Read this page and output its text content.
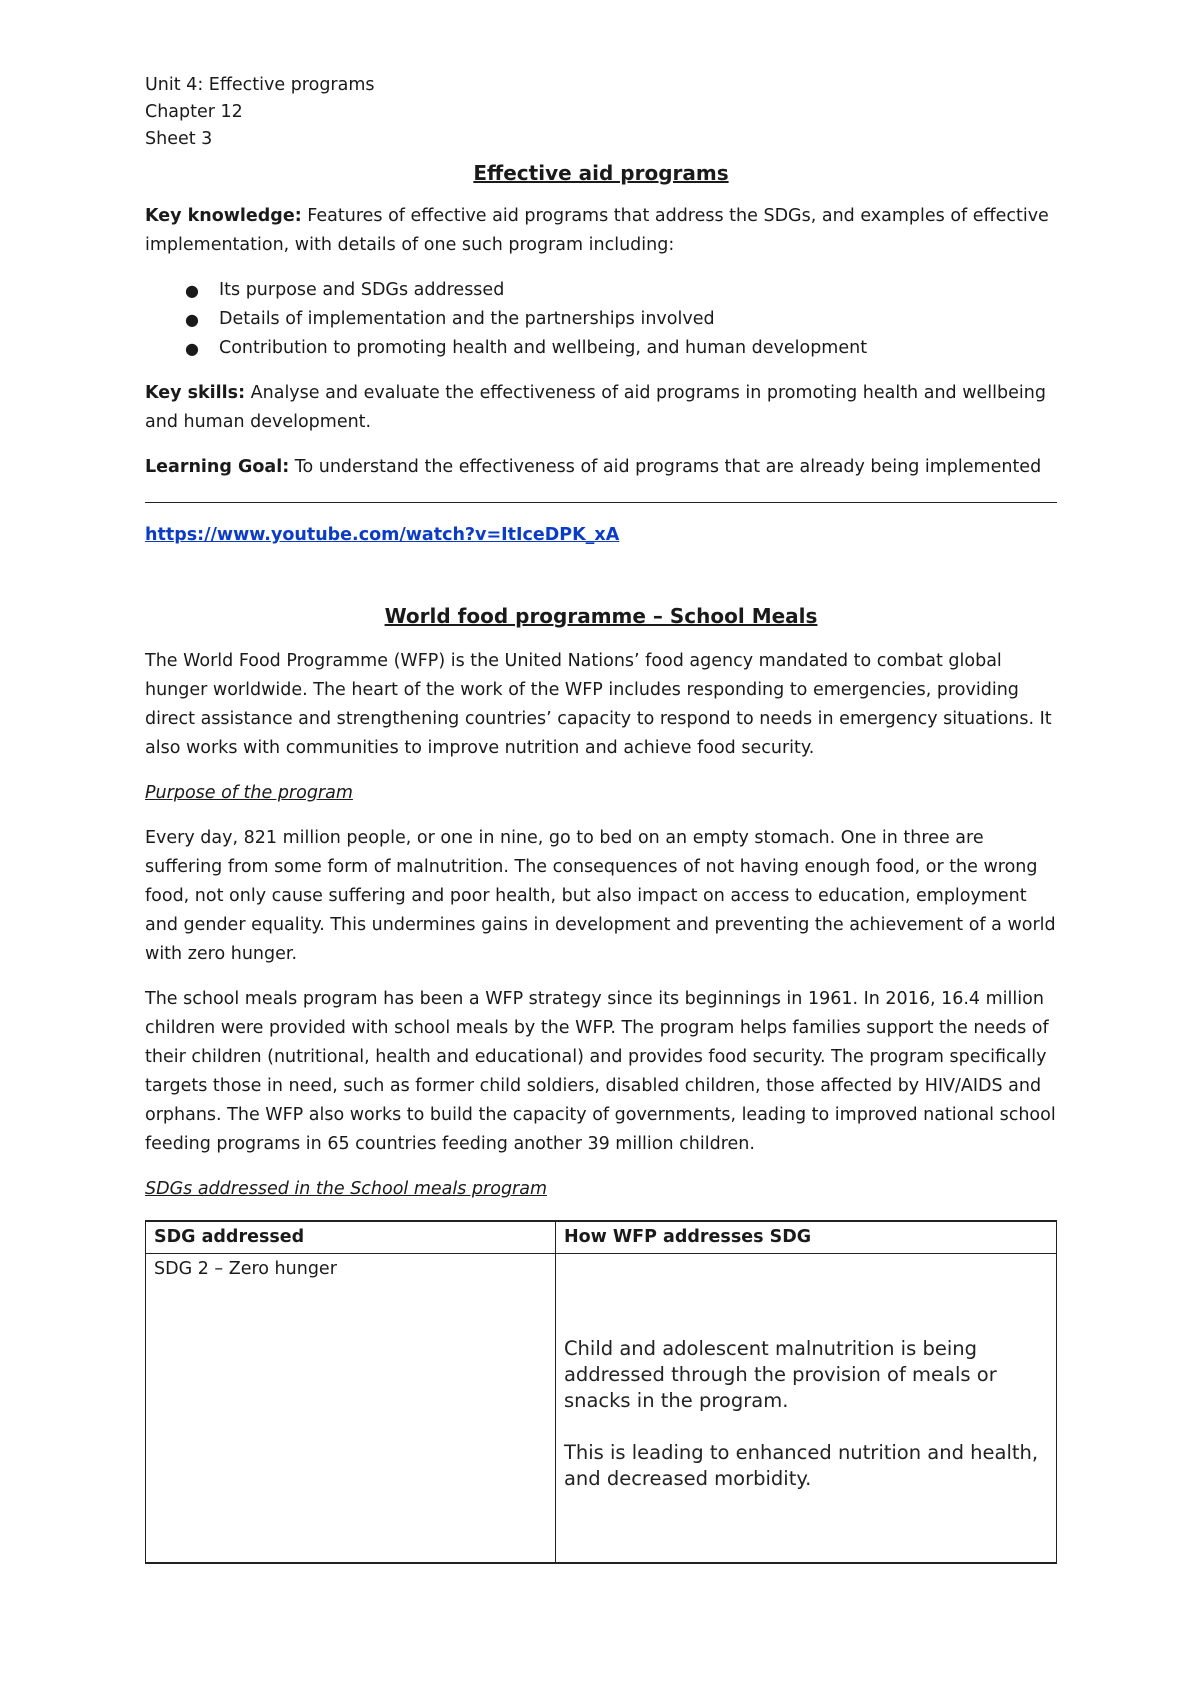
Unit 4: Effective programs

Chapter 12

Sheet 3

Effective aid programs

Key knowledge: Features of effective aid programs that address the SDGs, and examples of effective implementation, with details of one such program including:

● Its purpose and SDGs addressed
● Details of implementation and the partnerships involved
● Contribution to promoting health and wellbeing, and human development

Key skills: Analyse and evaluate the effectiveness of aid programs in promoting health and wellbeing and human development.

Learning Goal: To understand the effectiveness of aid programs that are already being implemented

https://www.youtube.com/watch?v=ItIceDPK_xA
World food programme – School Meals

The World Food Programme (WFP) is the United Nations’ food agency mandated to combat global hunger worldwide. The heart of the work of the WFP includes responding to emergencies, providing direct assistance and strengthening countries’ capacity to respond to needs in emergency situations. It also works with communities to improve nutrition and achieve food security.

Purpose of the program

Every day, 821 million people, or one in nine, go to bed on an empty stomach. One in three are suffering from some form of malnutrition. The consequences of not having enough food, or the wrong food, not only cause suffering and poor health, but also impact on access to education, employment and gender equality. This undermines gains in development and preventing the achievement of a world with zero hunger.

The school meals program has been a WFP strategy since its beginnings in 1961. In 2016, 16.4 million children were provided with school meals by the WFP. The program helps families support the needs of their children (nutritional, health and educational) and provides food security. The program specifically targets those in need, such as former child soldiers, disabled children, those affected by HIV/AIDS and orphans. The WFP also works to build the capacity of governments, leading to improved national school feeding programs in 65 countries feeding another 39 million children.

SDGs addressed in the School meals program

SDG addressed	How WFP addresses SDG
SDG 2 – Zero hunger	Child and adolescent malnutrition is being addressed through the provision of meals or snacks in the program.

This is leading to enhanced nutrition and health, and decreased morbidity.
